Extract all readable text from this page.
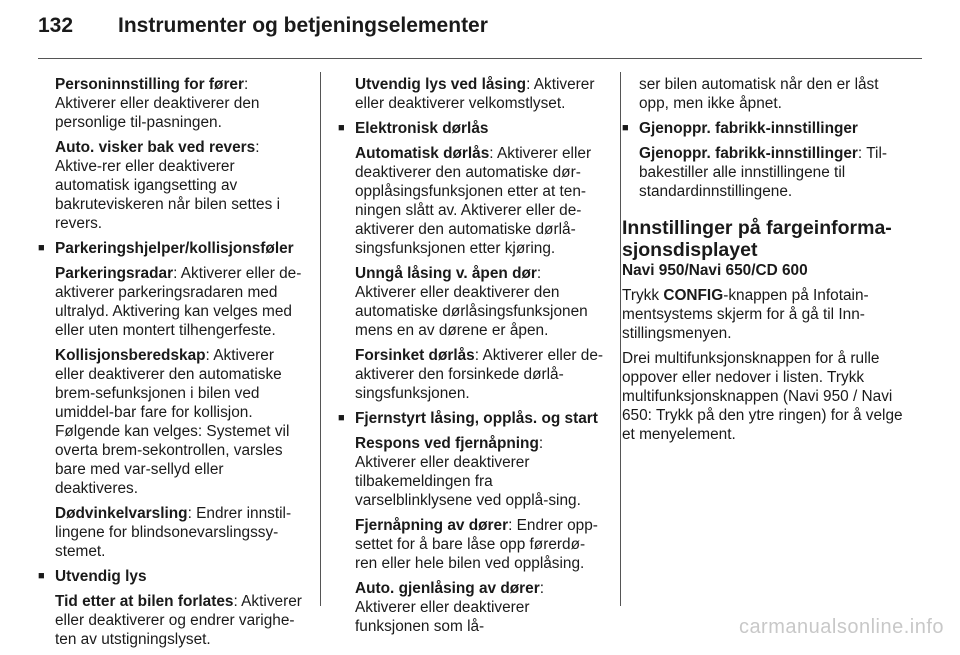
132	Instrumenter og betjeningselementer

Personinnstilling for fører: Aktiverer eller deaktiverer den personlige til-pasningen.

Auto. visker bak ved revers: Aktive-rer eller deaktiverer automatisk igangsetting av bakruteviskeren når bilen settes i revers.

■ Parkeringshjelper/kollisjonsføler

Parkeringsradar: Aktiverer eller de-aktiverer parkeringsradaren med ultralyd. Aktivering kan velges med eller uten montert tilhengerfeste.

Kollisjonsberedskap: Aktiverer eller deaktiverer den automatiske brem-sefunksjonen i bilen ved umiddel-bar fare for kollisjon. Følgende kan velges: Systemet vil overta brem-sekontrollen, varsles bare med var-sellyd eller deaktiveres.

Dødvinkelvarsling: Endrer innstil-lingene for blindsonevarslingssy-stemet.

■ Utvendig lys

Tid etter at bilen forlates: Aktiverer eller deaktiverer og endrer varighe-ten av utstigningslyset.

Utvendig lys ved låsing: Aktiverer eller deaktiverer velkomstlyset.

■ Elektronisk dørlås

Automatisk dørlås: Aktiverer eller deaktiverer den automatiske dør-opplåsingsfunksjonen etter at ten-ningen slått av. Aktiverer eller de-aktiverer den automatiske dørlå-singsfunksjonen etter kjøring.

Unngå låsing v. åpen dør: Aktiverer eller deaktiverer den automatiske dørlåsingsfunksjonen mens en av dørene er åpen.

Forsinket dørlås: Aktiverer eller de-aktiverer den forsinkede dørlå-singsfunksjonen.

■ Fjernstyrt låsing, opplås. og start

Respons ved fjernåpning: Aktiverer eller deaktiverer tilbakemeldingen fra varselblinklysene ved opplå-sing.

Fjernåpning av dører: Endrer opp-settet for å bare låse opp førerdø-ren eller hele bilen ved opplåsing.

Auto. gjenlåsing av dører: Aktiverer eller deaktiverer funksjonen som lå-

ser bilen automatisk når den er låst opp, men ikke åpnet.

■ Gjenoppr. fabrikk-innstillinger

Gjenoppr. fabrikk-innstillinger: Til-bakestiller alle innstillingene til standardinnstillingene.

Innstillinger på fargeinforma-sjonsdisplayet
Navi 950/Navi 650/CD 600

Trykk CONFIG-knappen på Infotain-mentsystems skjerm for å gå til Inn-stillingsmenyen.

Drei multifunksjonsknappen for å rulle oppover eller nedover i listen. Trykk multifunksjonsknappen (Navi 950 / Navi 650: Trykk på den ytre ringen) for å velge et menyelement.

carmanualsonline.info
